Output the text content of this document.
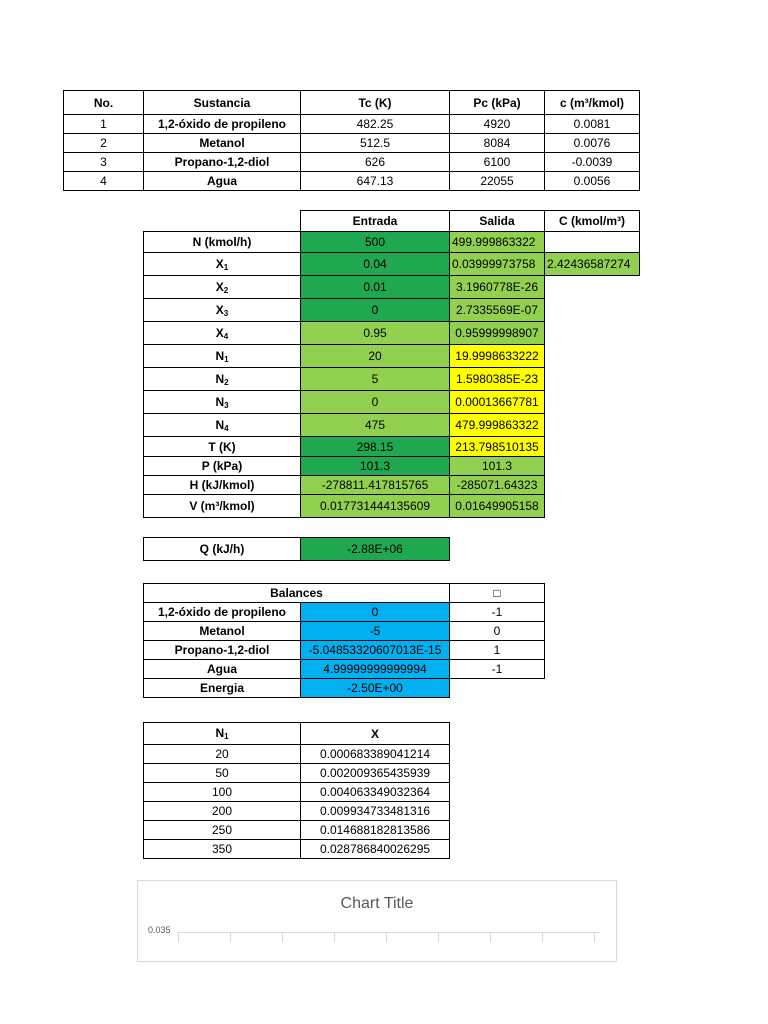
No.	Sustancia	Tc (K)	Pc (kPa)	c (m³/kmol)
1	1,2-óxido de propileno	482.25	4920	0.0081
2	Metanol	512.5	8084	0.0076
3	Propano-1,2-diol	626	6100	-0.0039
4	Agua	647.13	22055	0.0056
	Entrada	Salida	C (kmol/m³)
N (kmol/h)	500	499.999863322	
$X_1$	0.04	0.03999973758	2.42436587274
$X_2$	0.01	3.1960778E-26	
$X_3$	0	2.7335569E-07	
$X_4$	0.95	0.95999998907	
$N_1$	20	19.9998633222	
$N_2$	5	1.5980385E-23	
$N_3$	0	0.00013667781	
$N_4$	475	479.999863322	
T (K)	298.15	213.798510135	
P (kPa)	101.3	101.3	
H (kJ/kmol)	-278811.417815765	-285071.64323	
V (m³/kmol)	0.017731444135609	0.01649905158	
Q (kJ/h)	-2.88E+06
Balances		□
1,2-óxido de propileno	0	-1
Metanol	-5	0
Propano-1,2-diol	-5.04853320607013E-15	1
Agua	4.99999999999994	-1
Energia	-2.50E+00	
$N_1$	X
20	0.000683389041214
50	0.002009365435939
100	0.004063349032364
200	0.009934733481316
250	0.014688182813586
350	0.028786840026295
Chart Title
0.035
